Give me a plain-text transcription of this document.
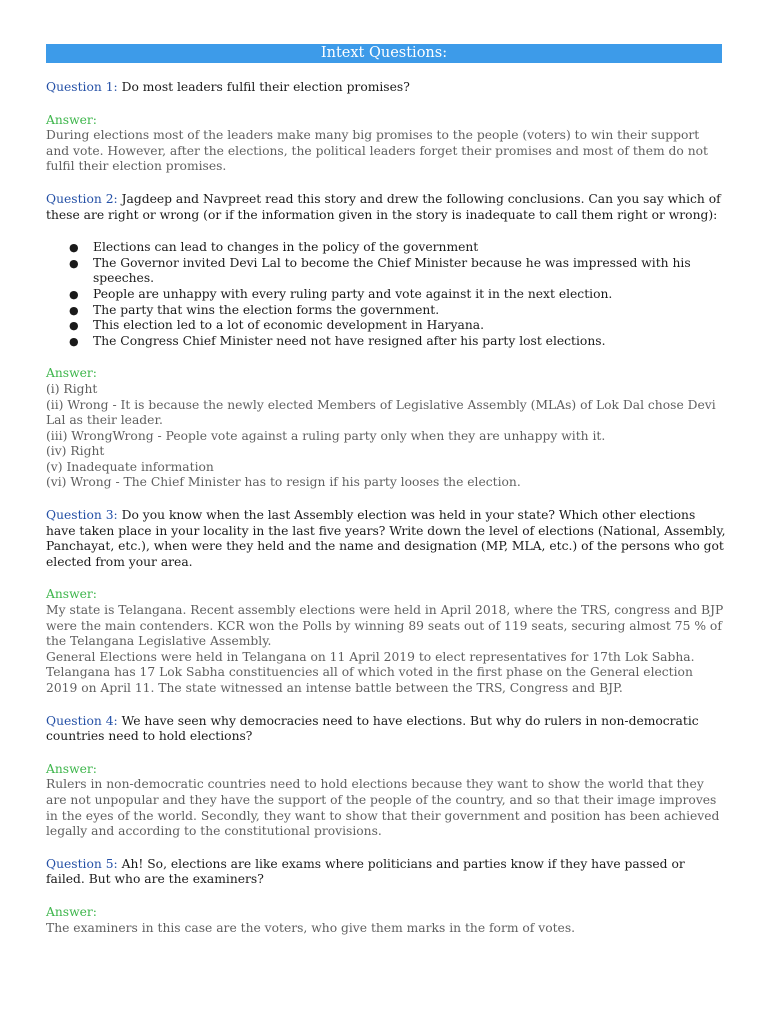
Intext Questions:

Question 1: Do most leaders fulfil their election promises?

Answer:

During elections most of the leaders make many big promises to the people (voters) to win their support and vote. However, after the elections, the political leaders forget their promises and most of them do not fulfil their election promises.

Question 2: Jagdeep and Navpreet read this story and drew the following conclusions. Can you say which of these are right or wrong (or if the information given in the story is inadequate to call them right or wrong):

● Elections can lead to changes in the policy of the government
● The Governor invited Devi Lal to become the Chief Minister because he was impressed with his speeches.
● People are unhappy with every ruling party and vote against it in the next election.
● The party that wins the election forms the government.
● This election led to a lot of economic development in Haryana.
● The Congress Chief Minister need not have resigned after his party lost elections.
Answer:
(i) Right
(ii) Wrong - It is because the newly elected Members of Legislative Assembly (MLAs) of Lok Dal chose Devi Lal as their leader.
(iii) WrongWrong - People vote against a ruling party only when they are unhappy with it.
(iv) Right
(v) Inadequate information
(vi) Wrong - The Chief Minister has to resign if his party looses the election.

Question 3: Do you know when the last Assembly election was held in your state? Which other elections have taken place in your locality in the last five years? Write down the level of elections (National, Assembly, Panchayat, etc.), when were they held and the name and designation (MP, MLA, etc.) of the persons who got elected from your area.

Answer:

My state is Telangana. Recent assembly elections were held in April 2018, where the TRS, congress and BJP were the main contenders. KCR won the Polls by winning 89 seats out of 119 seats, securing almost 75 % of the Telangana Legislative Assembly.

General Elections were held in Telangana on 11 April 2019 to elect representatives for 17th Lok Sabha. Telangana has 17 Lok Sabha constituencies all of which voted in the first phase on the General election 2019 on April 11. The state witnessed an intense battle between the TRS, Congress and BJP.

Question 4: We have seen why democracies need to have elections. But why do rulers in non-democratic countries need to hold elections?

Answer:

Rulers in non-democratic countries need to hold elections because they want to show the world that they are not unpopular and they have the support of the people of the country, and so that their image improves in the eyes of the world. Secondly, they want to show that their government and position has been achieved legally and according to the constitutional provisions.

Question 5: Ah! So, elections are like exams where politicians and parties know if they have passed or failed. But who are the examiners?

Answer:

The examiners in this case are the voters, who give them marks in the form of votes.
